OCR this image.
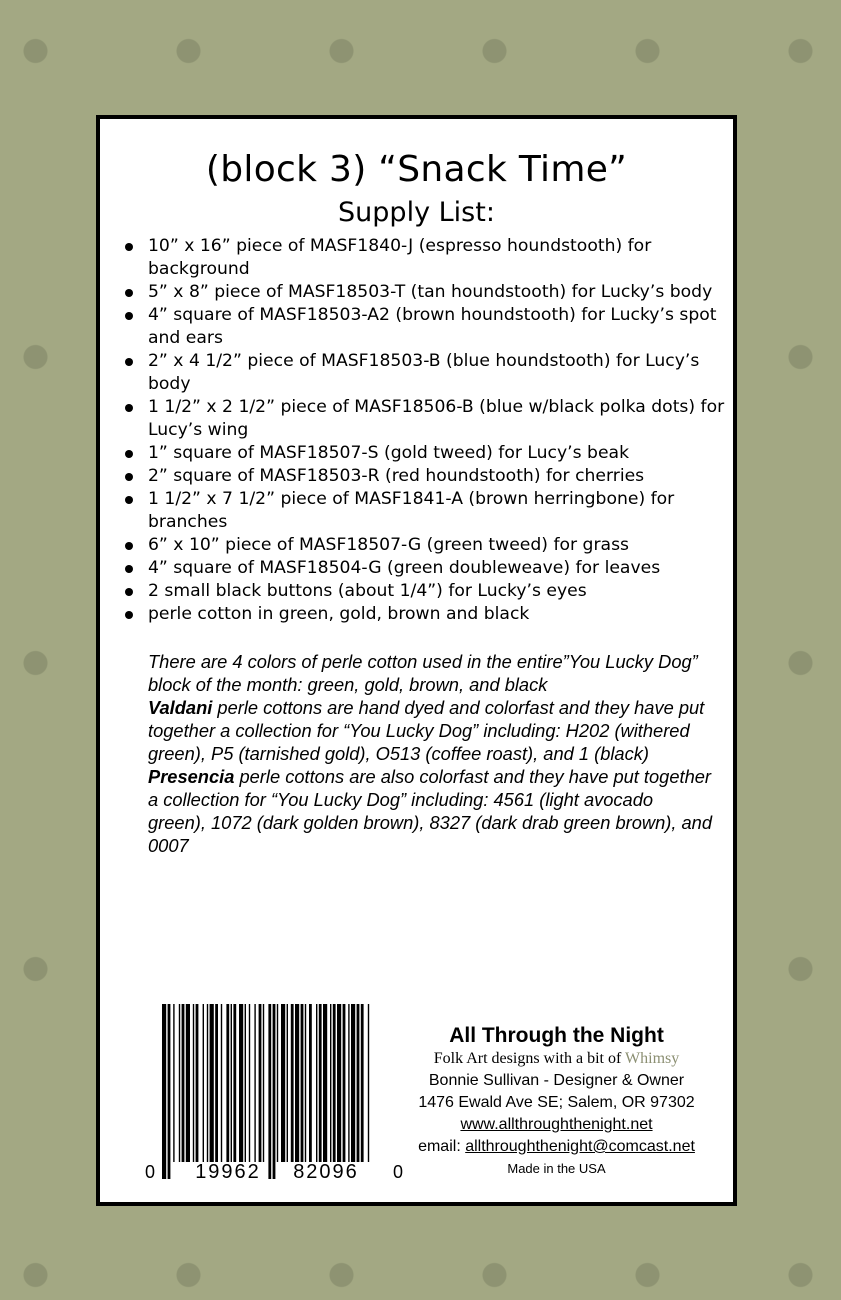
(block 3) “Snack Time”
Supply List:
10” x 16” piece of MASF1840-J (espresso houndstooth) for background
5” x 8” piece of MASF18503-T (tan houndstooth) for Lucky’s body
4” square of MASF18503-A2 (brown houndstooth) for Lucky’s spot and ears
2” x 4 1/2” piece of MASF18503-B (blue houndstooth) for Lucy’s body
1 1/2” x 2 1/2” piece of MASF18506-B (blue w/black polka dots) for Lucy’s wing
1” square of MASF18507-S (gold tweed) for Lucy’s beak
2” square of MASF18503-R (red houndstooth) for cherries
1 1/2” x 7 1/2” piece of MASF1841-A (brown herringbone) for branches
6” x 10” piece of MASF18507-G (green tweed) for grass
4” square of MASF18504-G (green doubleweave) for leaves
2 small black buttons (about 1/4”) for Lucky’s eyes
perle cotton in green, gold, brown and black

There are 4 colors of perle cotton used in the entire”You Lucky Dog” block of the month: green, gold, brown, and black

Valdani perle cottons are hand dyed and colorfast and they have put together a collection for “You Lucky Dog” including: H202 (withered green), P5 (tarnished gold), O513 (coffee roast), and 1 (black)

Presencia perle cottons are also colorfast and they have put together a collection for “You Lucky Dog” including: 4561 (light avocado green), 1072 (dark golden brown), 8327 (dark drab green brown), and 0007

0 19962 82096 0
All Through the Night
Folk Art designs with a bit of Whimsy
Bonnie Sullivan - Designer & Owner
1476 Ewald Ave SE; Salem, OR 97302
www.allthroughthenight.net
email: allthroughthenight@comcast.net
Made in the USA
